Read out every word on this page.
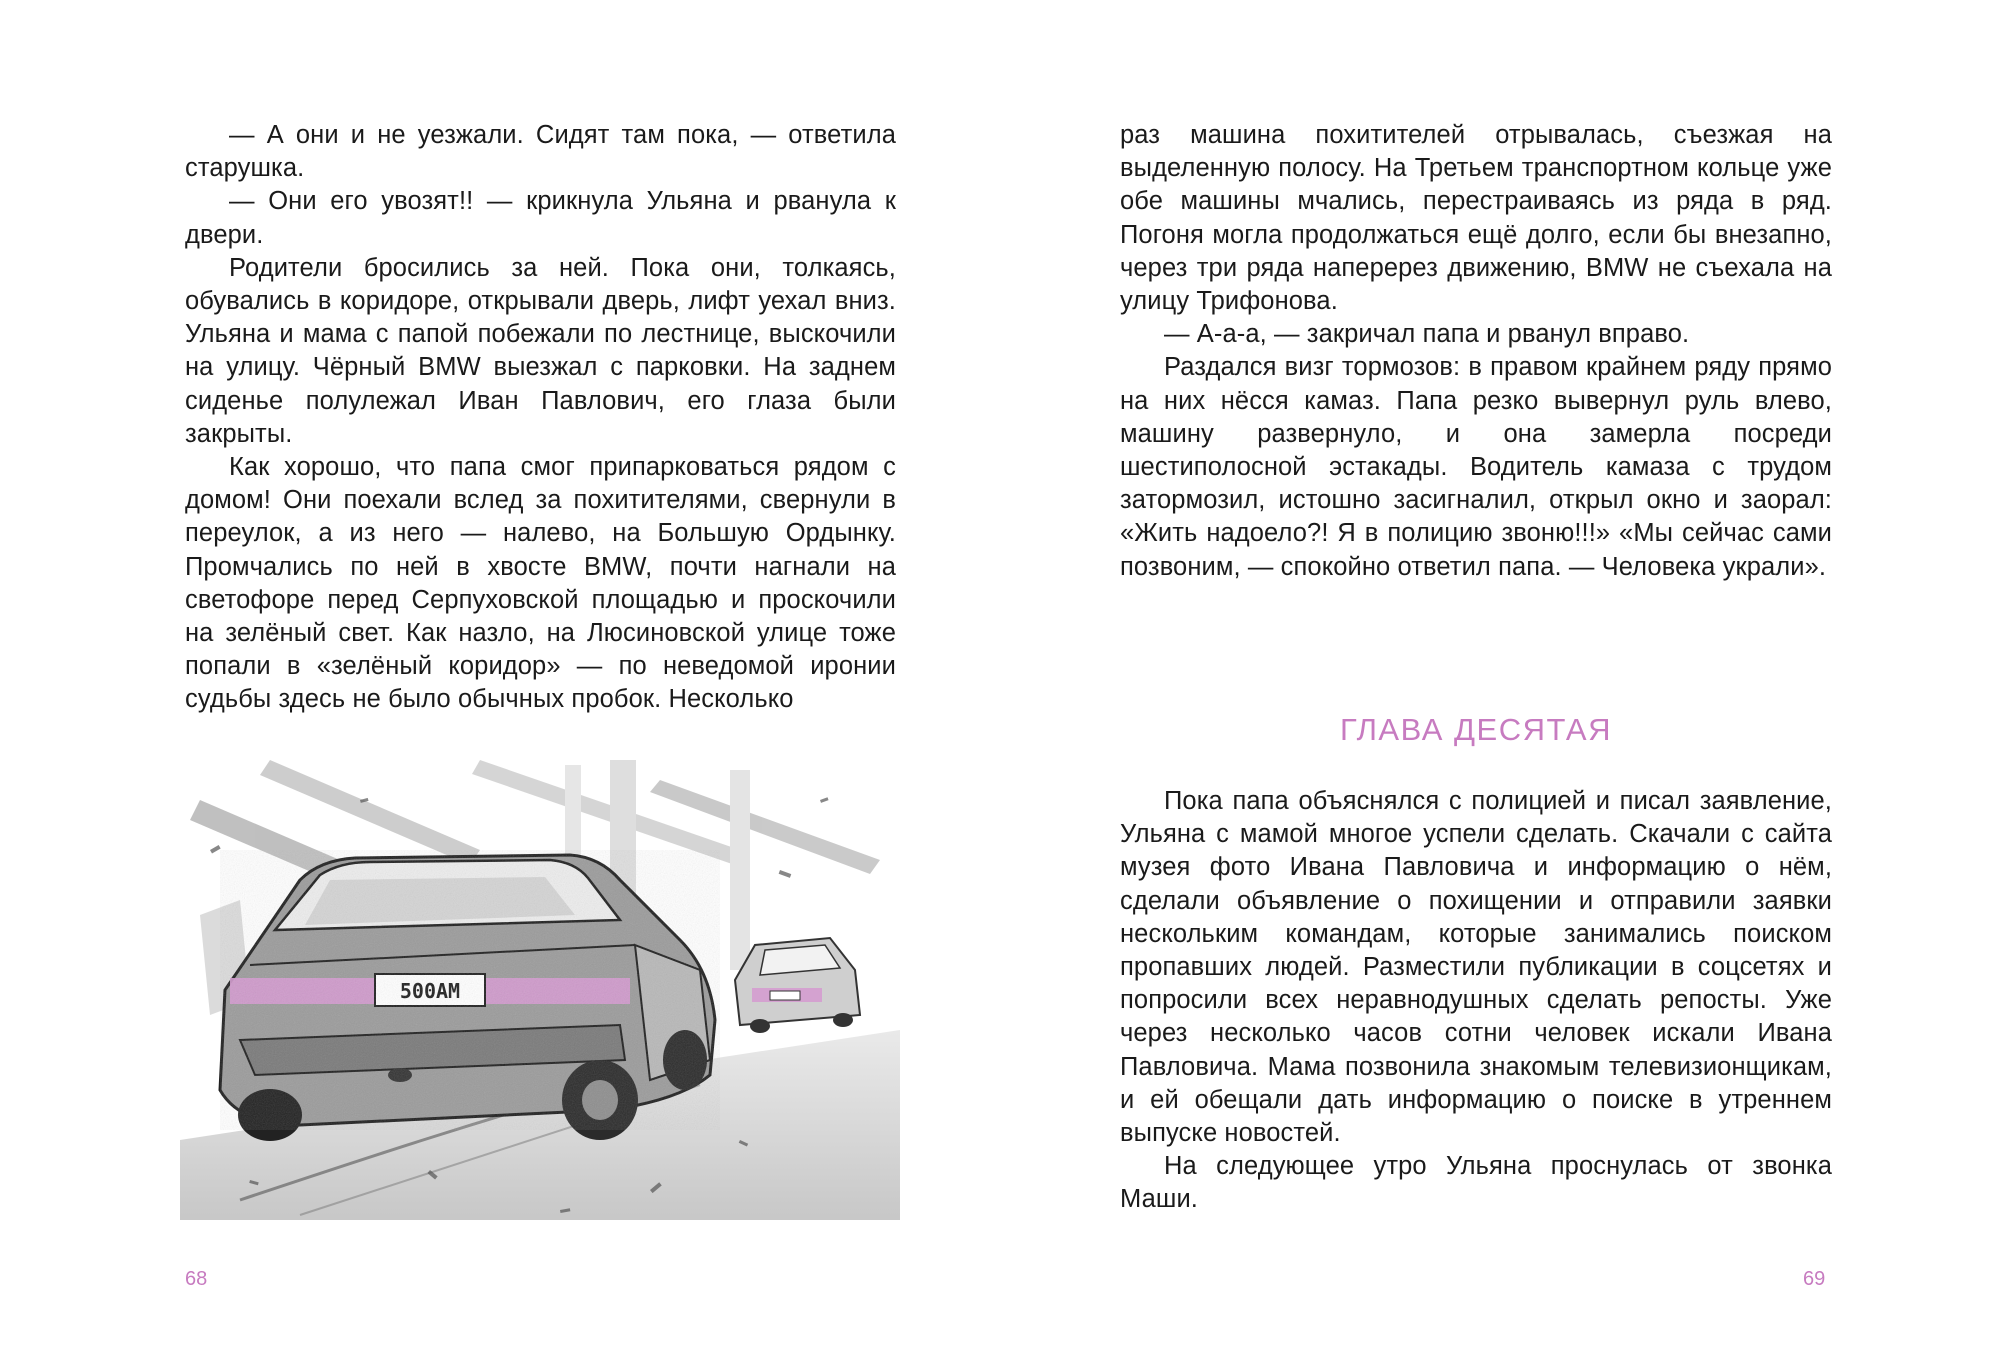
— А они и не уезжали. Сидят там пока, — ответила старушка.

— Они его увозят!! — крикнула Ульяна и рванула к двери.

Родители бросились за ней. Пока они, толкаясь, обувались в коридоре, открывали дверь, лифт уехал вниз. Ульяна и мама с папой побежали по лестнице, выскочили на улицу. Чёрный BMW выезжал с парковки. На заднем сиденье полулежал Иван Павлович, его глаза были закрыты.

Как хорошо, что папа смог припарковаться рядом с домом! Они поехали вслед за похитителями, свернули в переулок, а из него — налево, на Большую Ордынку. Промчались по ней в хвосте BMW, почти нагнали на светофоре перед Серпуховской площадью и проскочили на зелёный свет. Как назло, на Люсиновской улице тоже попали в «зелёный коридор» — по неведомой иронии судьбы здесь не было обычных пробок. Несколько

68

раз машина похитителей отрывалась, съезжая на выделенную полосу. На Третьем транспортном кольце уже обе машины мчались, перестраиваясь из ряда в ряд. Погоня могла продолжаться ещё долго, если бы внезапно, через три ряда наперерез движению, BMW не съехала на улицу Трифонова.

— А-а-а, — закричал папа и рванул вправо.

Раздался визг тормозов: в правом крайнем ряду прямо на них нёсся камаз. Папа резко вывернул руль влево, машину развернуло, и она замерла посреди шестиполосной эстакады. Водитель камаза с трудом затормозил, истошно засигналил, открыл окно и заорал: «Жить надоело?! Я в полицию звоню!!!» «Мы сейчас сами позвоним, — спокойно ответил папа. — Человека украли».

ГЛАВА ДЕСЯТАЯ

Пока папа объяснялся с полицией и писал заявление, Ульяна с мамой многое успели сделать. Скачали с сайта музея фото Ивана Павловича и информацию о нём, сделали объявление о похищении и отправили заявки нескольким командам, которые занимались поиском пропавших людей. Разместили публикации в соцсетях и попросили всех неравнодушных сделать репосты. Уже через несколько часов сотни человек искали Ивана Павловича. Мама позвонила знакомым телевизионщикам, и ей обещали дать информацию о поиске в утреннем выпуске новостей.

На следующее утро Ульяна проснулась от звонка Маши.

69
